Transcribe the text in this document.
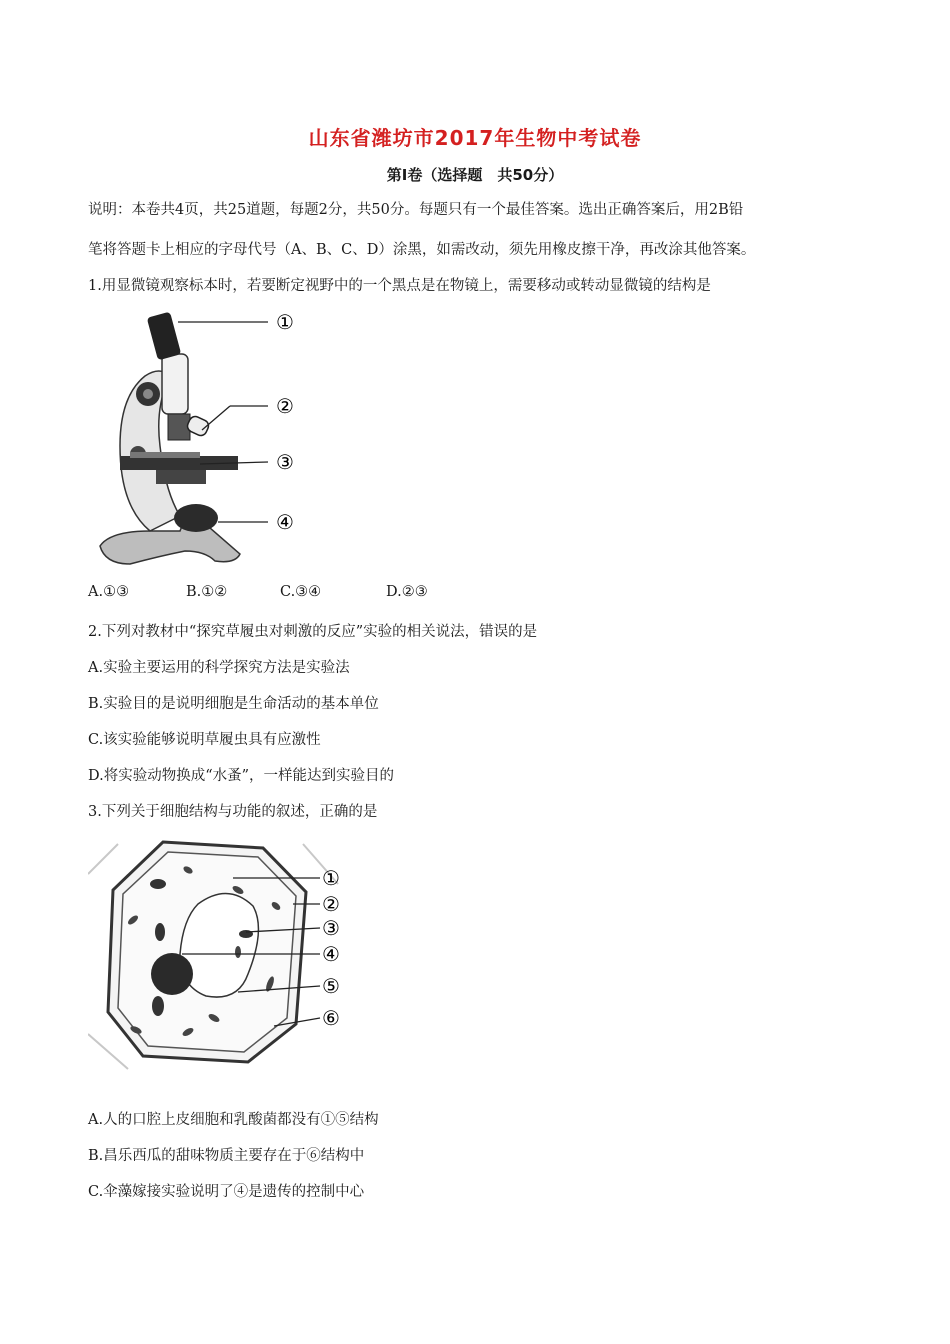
山东省潍坊市2017年生物中考试卷
第Ⅰ卷（选择题　共50分）
说明：本卷共4页，共25道题，每题2分，共50分。每题只有一个最佳答案。选出正确答案后，用2B铅
笔将答题卡上相应的字母代号（A、B、C、D）涂黑，如需改动，须先用橡皮擦干净，再改涂其他答案。
1.用显微镜观察标本时，若要断定视野中的一个黑点是在物镜上，需要移动或转动显微镜的结构是
①
②
③
④
A.①③	B.①②	C.③④	D.②③
2.下列对教材中“探究草履虫对刺激的反应”实验的相关说法，错误的是
A.实验主要运用的科学探究方法是实验法
B.实验目的是说明细胞是生命活动的基本单位
C.该实验能够说明草履虫具有应激性
D.将实验动物换成“水蚤”，一样能达到实验目的
3.下列关于细胞结构与功能的叙述，正确的是
①
②
③
④
⑤
⑥
A.人的口腔上皮细胞和乳酸菌都没有①⑤结构
B.昌乐西瓜的甜味物质主要存在于⑥结构中
C.伞藻嫁接实验说明了④是遗传的控制中心
